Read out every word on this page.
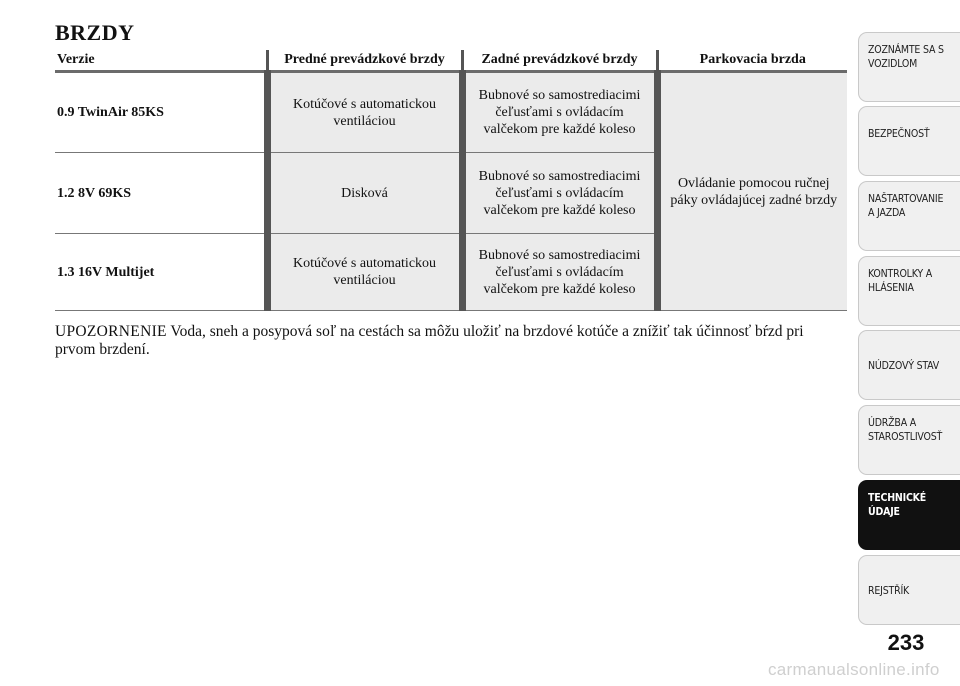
BRZDY
Verzie	Predné prevádzkové brzdy	Zadné prevádzkové brzdy	Parkovacia brzda
0.9 TwinAir 85KS	Kotúčové s automatickou ventiláciou	Bubnové so samostrediacimi čeľusťami s ovládacím valčekom pre každé koleso	Ovládanie pomocou ručnej páky ovládajúcej zadné brzdy
1.2 8V 69KS	Disková	Bubnové so samostrediacimi čeľusťami s ovládacím valčekom pre každé koleso	
1.3 16V Multijet	Kotúčové s automatickou ventiláciou	Bubnové so samostrediacimi čeľusťami s ovládacím valčekom pre každé koleso	
UPOZORNENIE Voda, sneh a posypová soľ na cestách sa môžu uložiť na brzdové kotúče a znížiť tak účinnosť bŕzd pri prvom brzdení.
ZOZNÁMTE SA S
VOZIDLOM
BEZPEČNOSŤ
NAŠTARTOVANIE
A JAZDA
KONTROLKY A
HLÁSENIA
NÚDZOVÝ STAV
ÚDRŽBA A
STAROSTLIVOSŤ
TECHNICKÉ
ÚDAJE
REJSTŘÍK
233
carmanualsonline.info
